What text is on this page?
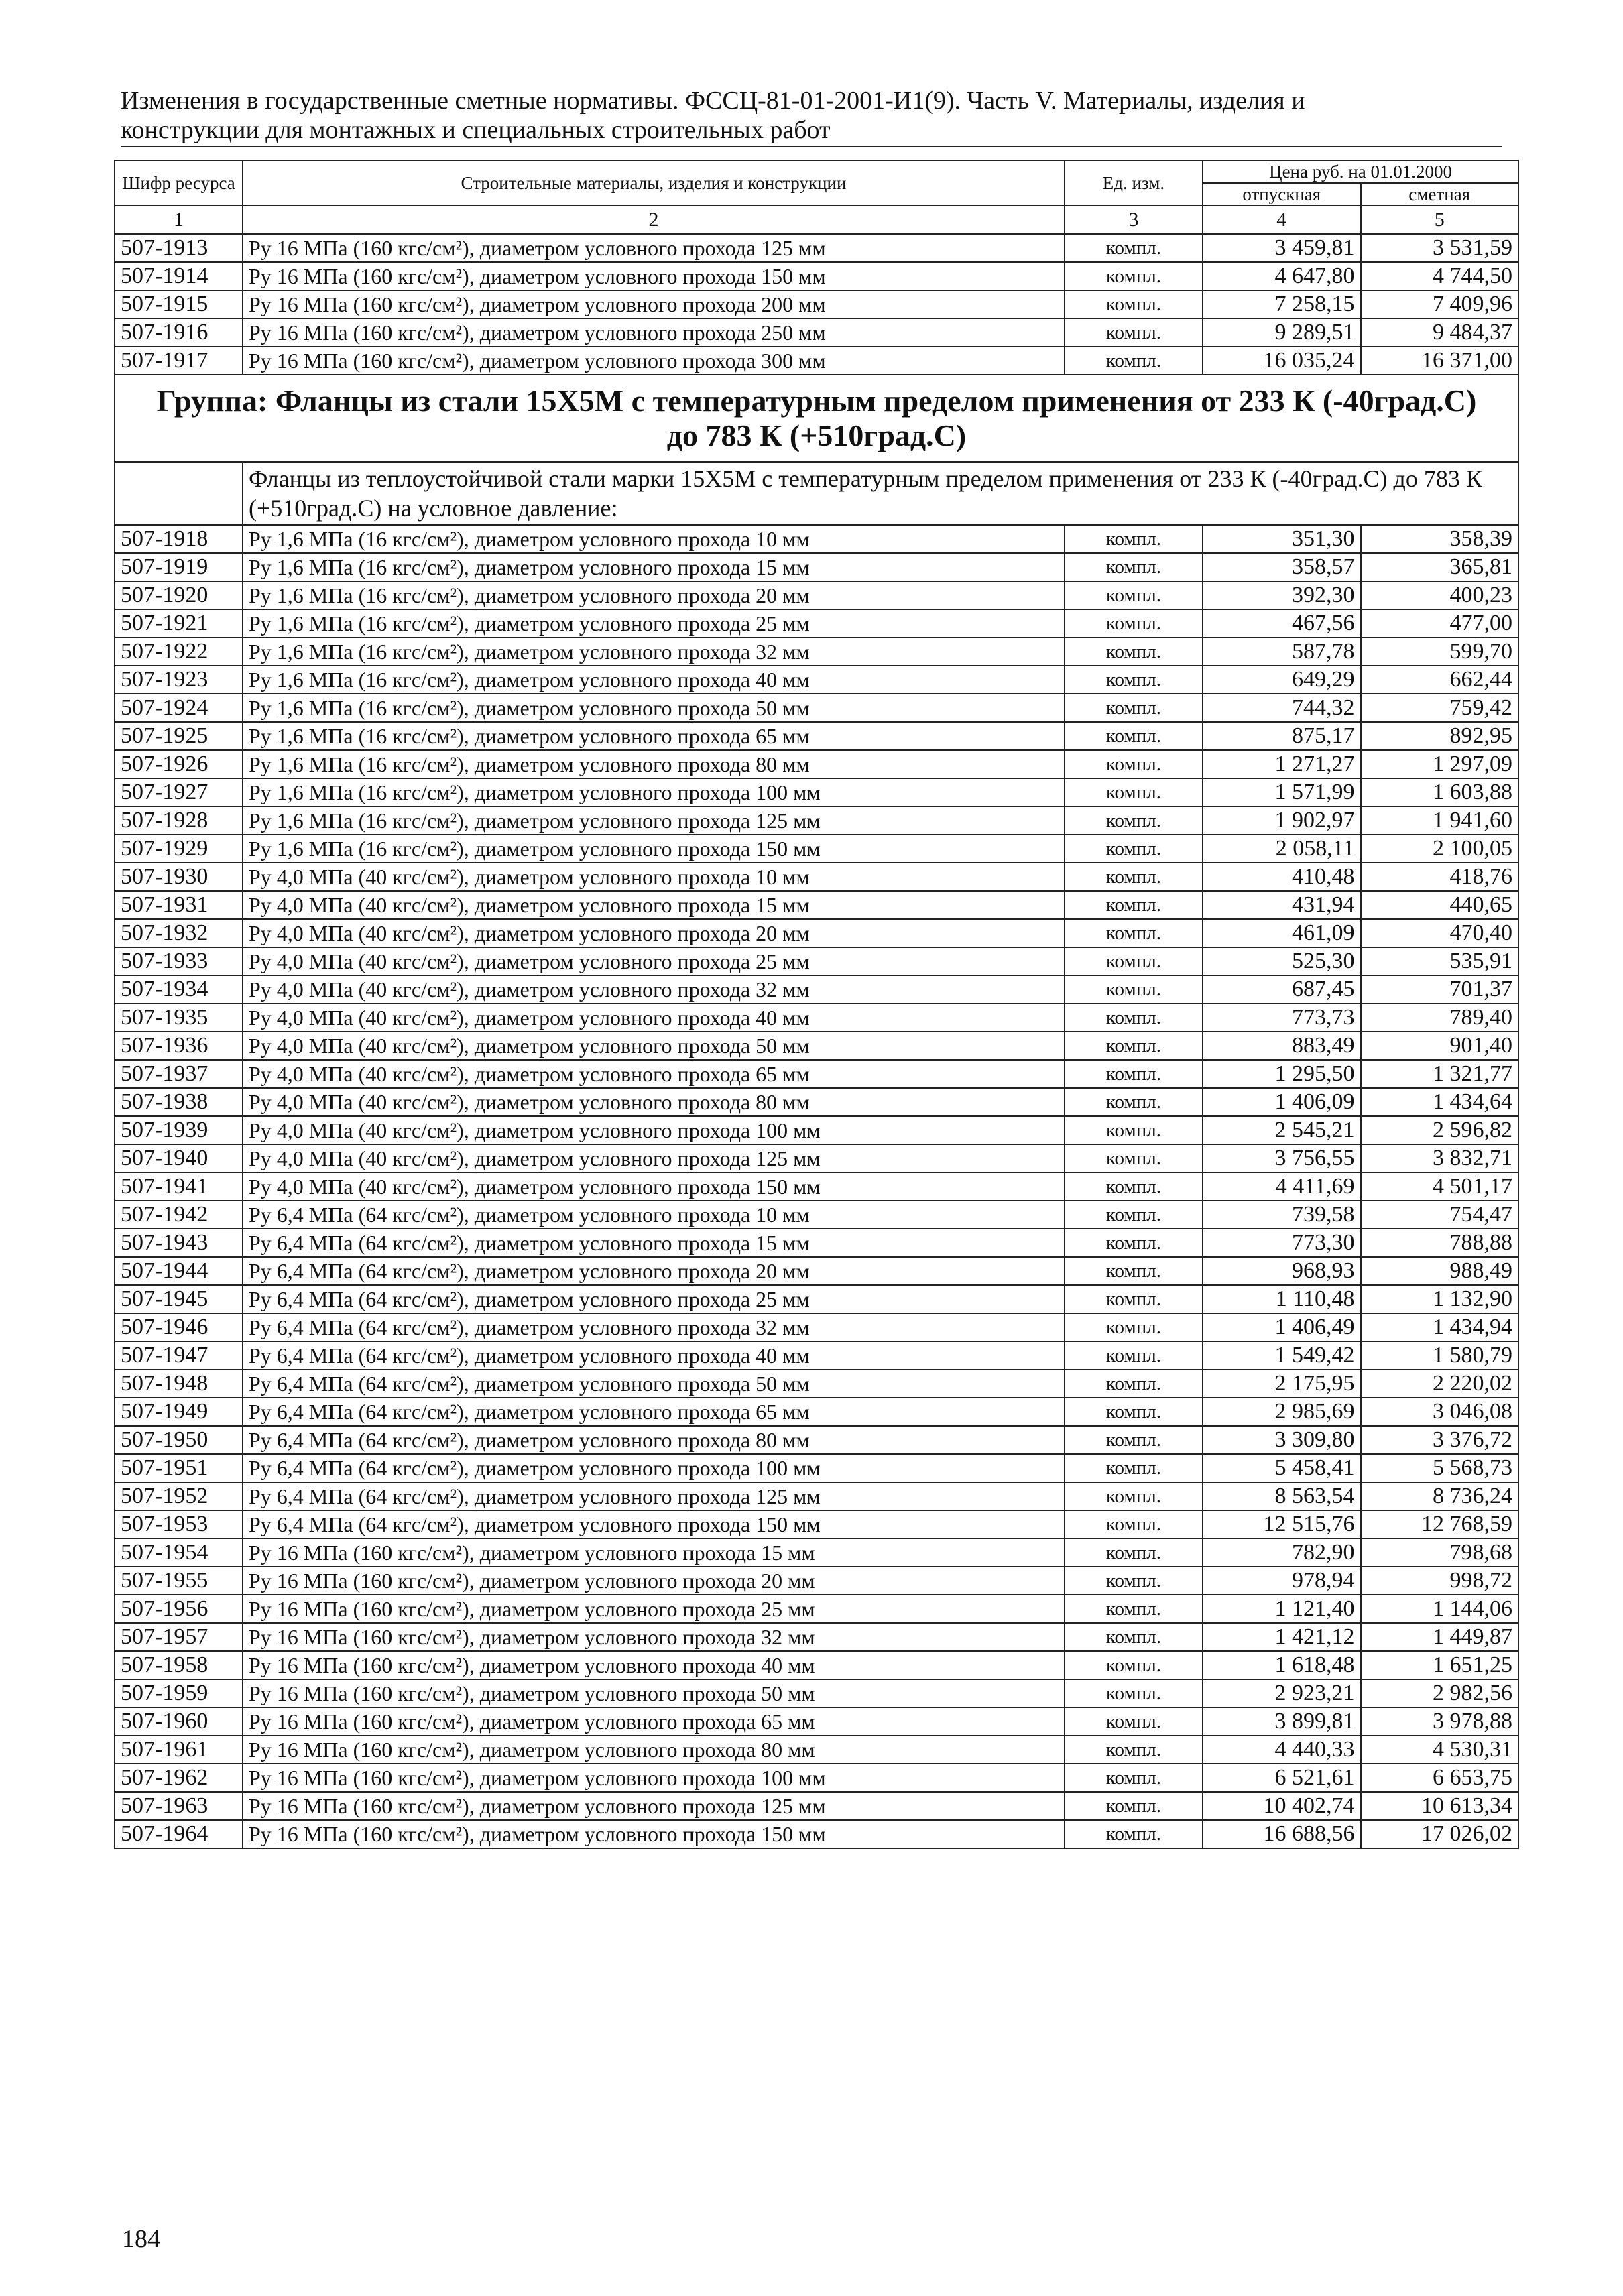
Изменения в государственные сметные нормативы. ФССЦ-81-01-2001-И1(9). Часть V. Материалы, изделия и
конструкции для монтажных и специальных строительных работ
Шифр ресурса	Строительные материалы, изделия и конструкции	Ед. изм.	Цена руб. на 01.01.2000	
			отпускная	сметная
1	2	3	4	5
507-1913	Ру 16 МПа (160 кгс/см²), диаметром условного прохода 125 мм	компл.	3 459,81	3 531,59
507-1914	Ру 16 МПа (160 кгс/см²), диаметром условного прохода 150 мм	компл.	4 647,80	4 744,50
507-1915	Ру 16 МПа (160 кгс/см²), диаметром условного прохода 200 мм	компл.	7 258,15	7 409,96
507-1916	Ру 16 МПа (160 кгс/см²), диаметром условного прохода 250 мм	компл.	9 289,51	9 484,37
507-1917	Ру 16 МПа (160 кгс/см²), диаметром условного прохода 300 мм	компл.	16 035,24	16 371,00
Группа: Фланцы из стали 15Х5М с температурным пределом применения от 233 К (-40град.С) до 783 К (+510град.С)				
	Фланцы из теплоустойчивой стали марки 15Х5М с температурным пределом применения от 233 К (-40град.С) до 783 К (+510град.С) на условное давление:			
507-1918	Ру 1,6 МПа (16 кгс/см²), диаметром условного прохода 10 мм	компл.	351,30	358,39
507-1919	Ру 1,6 МПа (16 кгс/см²), диаметром условного прохода 15 мм	компл.	358,57	365,81
507-1920	Ру 1,6 МПа (16 кгс/см²), диаметром условного прохода 20 мм	компл.	392,30	400,23
507-1921	Ру 1,6 МПа (16 кгс/см²), диаметром условного прохода 25 мм	компл.	467,56	477,00
507-1922	Ру 1,6 МПа (16 кгс/см²), диаметром условного прохода 32 мм	компл.	587,78	599,70
507-1923	Ру 1,6 МПа (16 кгс/см²), диаметром условного прохода 40 мм	компл.	649,29	662,44
507-1924	Ру 1,6 МПа (16 кгс/см²), диаметром условного прохода 50 мм	компл.	744,32	759,42
507-1925	Ру 1,6 МПа (16 кгс/см²), диаметром условного прохода 65 мм	компл.	875,17	892,95
507-1926	Ру 1,6 МПа (16 кгс/см²), диаметром условного прохода 80 мм	компл.	1 271,27	1 297,09
507-1927	Ру 1,6 МПа (16 кгс/см²), диаметром условного прохода 100 мм	компл.	1 571,99	1 603,88
507-1928	Ру 1,6 МПа (16 кгс/см²), диаметром условного прохода 125 мм	компл.	1 902,97	1 941,60
507-1929	Ру 1,6 МПа (16 кгс/см²), диаметром условного прохода 150 мм	компл.	2 058,11	2 100,05
507-1930	Ру 4,0 МПа (40 кгс/см²), диаметром условного прохода 10 мм	компл.	410,48	418,76
507-1931	Ру 4,0 МПа (40 кгс/см²), диаметром условного прохода 15 мм	компл.	431,94	440,65
507-1932	Ру 4,0 МПа (40 кгс/см²), диаметром условного прохода 20 мм	компл.	461,09	470,40
507-1933	Ру 4,0 МПа (40 кгс/см²), диаметром условного прохода 25 мм	компл.	525,30	535,91
507-1934	Ру 4,0 МПа (40 кгс/см²), диаметром условного прохода 32 мм	компл.	687,45	701,37
507-1935	Ру 4,0 МПа (40 кгс/см²), диаметром условного прохода 40 мм	компл.	773,73	789,40
507-1936	Ру 4,0 МПа (40 кгс/см²), диаметром условного прохода 50 мм	компл.	883,49	901,40
507-1937	Ру 4,0 МПа (40 кгс/см²), диаметром условного прохода 65 мм	компл.	1 295,50	1 321,77
507-1938	Ру 4,0 МПа (40 кгс/см²), диаметром условного прохода 80 мм	компл.	1 406,09	1 434,64
507-1939	Ру 4,0 МПа (40 кгс/см²), диаметром условного прохода 100 мм	компл.	2 545,21	2 596,82
507-1940	Ру 4,0 МПа (40 кгс/см²), диаметром условного прохода 125 мм	компл.	3 756,55	3 832,71
507-1941	Ру 4,0 МПа (40 кгс/см²), диаметром условного прохода 150 мм	компл.	4 411,69	4 501,17
507-1942	Ру 6,4 МПа (64 кгс/см²), диаметром условного прохода 10 мм	компл.	739,58	754,47
507-1943	Ру 6,4 МПа (64 кгс/см²), диаметром условного прохода 15 мм	компл.	773,30	788,88
507-1944	Ру 6,4 МПа (64 кгс/см²), диаметром условного прохода 20 мм	компл.	968,93	988,49
507-1945	Ру 6,4 МПа (64 кгс/см²), диаметром условного прохода 25 мм	компл.	1 110,48	1 132,90
507-1946	Ру 6,4 МПа (64 кгс/см²), диаметром условного прохода 32 мм	компл.	1 406,49	1 434,94
507-1947	Ру 6,4 МПа (64 кгс/см²), диаметром условного прохода 40 мм	компл.	1 549,42	1 580,79
507-1948	Ру 6,4 МПа (64 кгс/см²), диаметром условного прохода 50 мм	компл.	2 175,95	2 220,02
507-1949	Ру 6,4 МПа (64 кгс/см²), диаметром условного прохода 65 мм	компл.	2 985,69	3 046,08
507-1950	Ру 6,4 МПа (64 кгс/см²), диаметром условного прохода 80 мм	компл.	3 309,80	3 376,72
507-1951	Ру 6,4 МПа (64 кгс/см²), диаметром условного прохода 100 мм	компл.	5 458,41	5 568,73
507-1952	Ру 6,4 МПа (64 кгс/см²), диаметром условного прохода 125 мм	компл.	8 563,54	8 736,24
507-1953	Ру 6,4 МПа (64 кгс/см²), диаметром условного прохода 150 мм	компл.	12 515,76	12 768,59
507-1954	Ру 16 МПа (160 кгс/см²), диаметром условного прохода 15 мм	компл.	782,90	798,68
507-1955	Ру 16 МПа (160 кгс/см²), диаметром условного прохода 20 мм	компл.	978,94	998,72
507-1956	Ру 16 МПа (160 кгс/см²), диаметром условного прохода 25 мм	компл.	1 121,40	1 144,06
507-1957	Ру 16 МПа (160 кгс/см²), диаметром условного прохода 32 мм	компл.	1 421,12	1 449,87
507-1958	Ру 16 МПа (160 кгс/см²), диаметром условного прохода 40 мм	компл.	1 618,48	1 651,25
507-1959	Ру 16 МПа (160 кгс/см²), диаметром условного прохода 50 мм	компл.	2 923,21	2 982,56
507-1960	Ру 16 МПа (160 кгс/см²), диаметром условного прохода 65 мм	компл.	3 899,81	3 978,88
507-1961	Ру 16 МПа (160 кгс/см²), диаметром условного прохода 80 мм	компл.	4 440,33	4 530,31
507-1962	Ру 16 МПа (160 кгс/см²), диаметром условного прохода 100 мм	компл.	6 521,61	6 653,75
507-1963	Ру 16 МПа (160 кгс/см²), диаметром условного прохода 125 мм	компл.	10 402,74	10 613,34
507-1964	Ру 16 МПа (160 кгс/см²), диаметром условного прохода 150 мм	компл.	16 688,56	17 026,02
184
